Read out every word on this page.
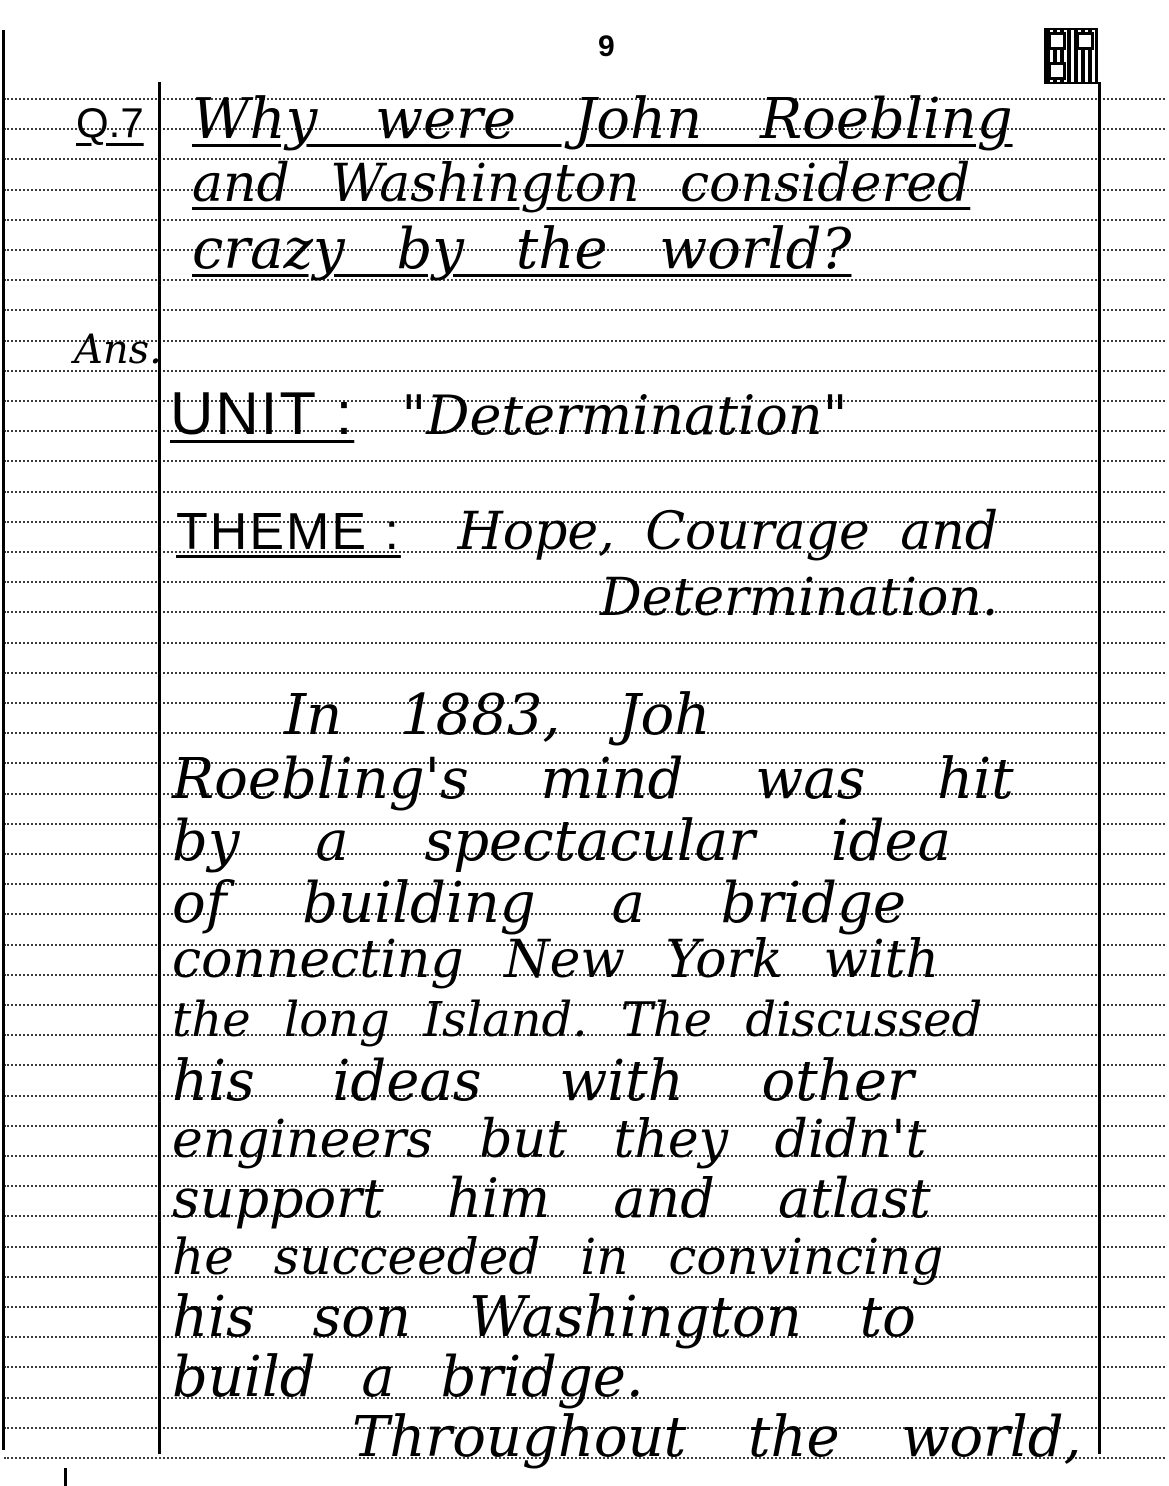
9
Q.7 Why were John Roebling
and Washington considered
crazy by the world?
Ans.
UNIT : "Determination"
THEME : Hope, Courage and
Determination.
In 1883, Joh
Roebling's mind was hit
by a spectacular idea
of building a bridge
connecting New York with
the long Island. The discussed
his ideas with other
engineers but they didn't
support him and atlast
he succeeded in convincing
his son Washington to
build a bridge.
Throughout the world,
